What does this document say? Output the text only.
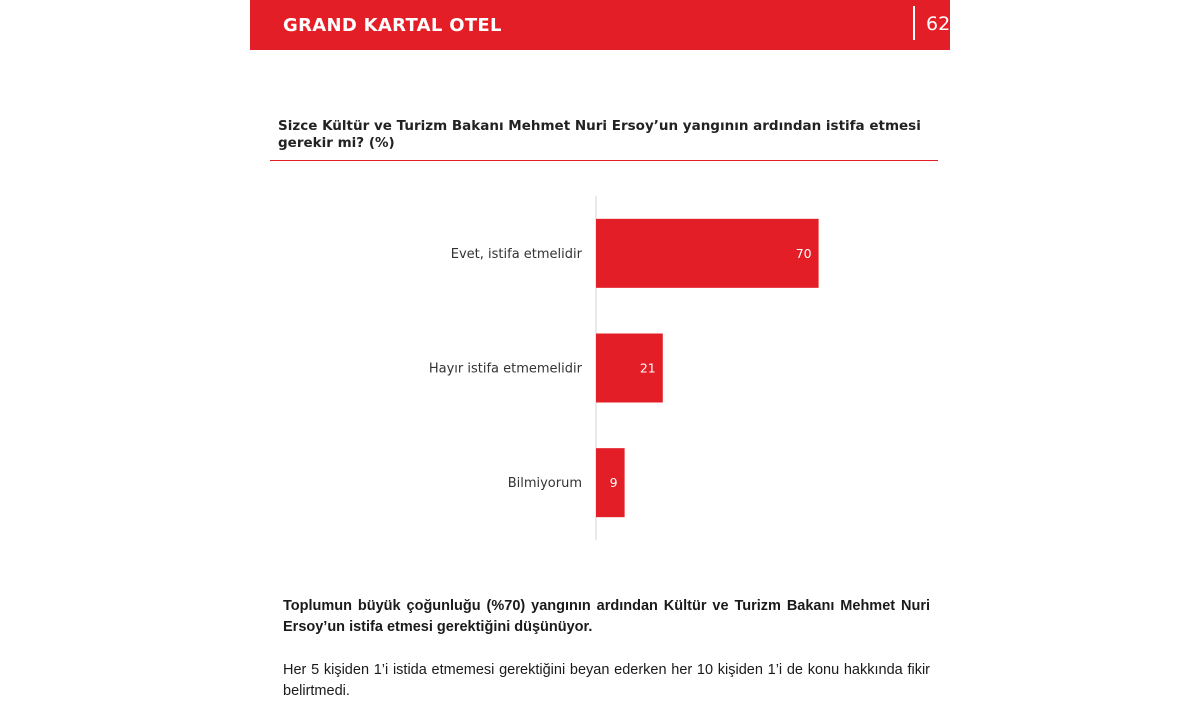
GRAND KARTAL OTEL	62
Sizce Kültür ve Turizm Bakanı Mehmet Nuri Ersoy’un yangının ardından istifa etmesi gerekir mi? (%)
Evet, istifa etmelidir	70
Hayır istifa etmemelidir	21
Bilmiyorum 9
Toplumun büyük çoğunluğu (%70) yangının ardından Kültür ve Turizm Bakanı Mehmet Nuri Ersoy’un istifa etmesi gerektiğini düşünüyor.
Her 5 kişiden 1’i istida etmemesi gerektiğini beyan ederken her 10 kişiden 1’i de konu hakkında fikir belirtmedi.
